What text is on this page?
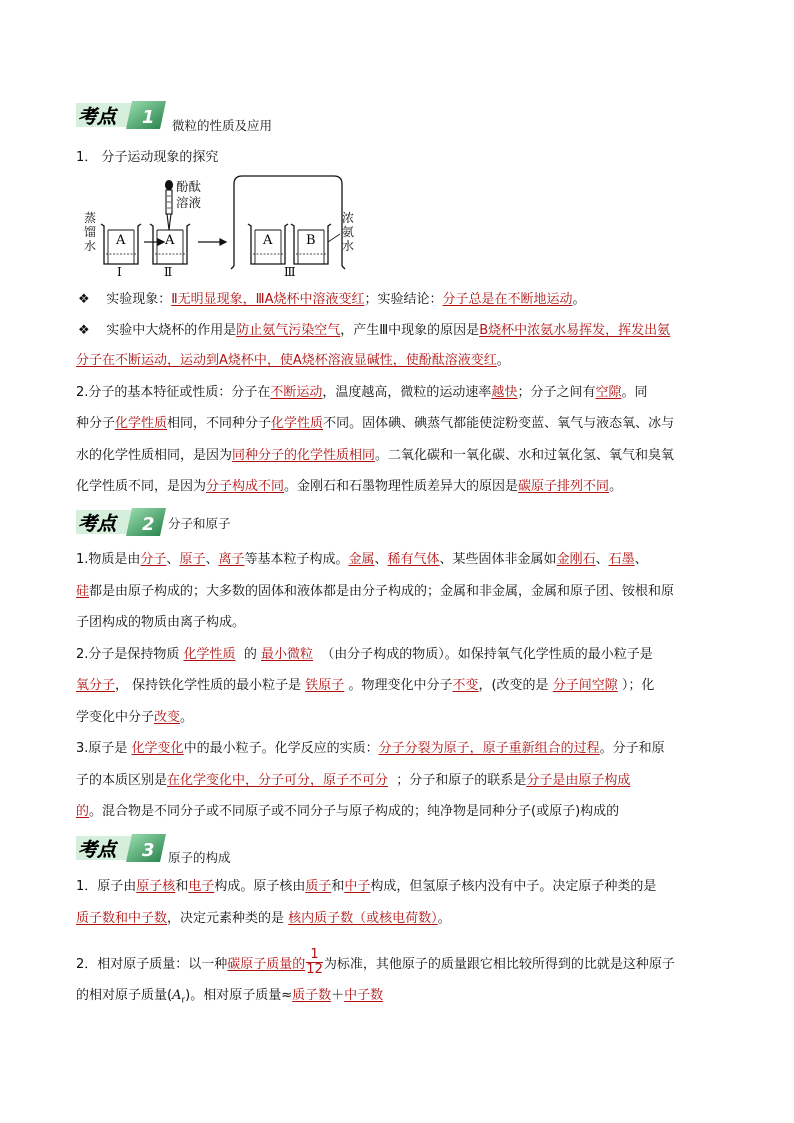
考点 1 微粒的性质及应用
1． 分子运动现象的探究
蒸
馏
水 A
Ⅰ
酚酞
溶液
A
Ⅱ
A	B
浓
氨
水
Ⅲ
❖ 实验现象：Ⅱ无明显现象，ⅢA烧杯中溶液变红；实验结论：分子总是在不断地运动。
❖ 实验中大烧杯的作用是防止氨气污染空气，产生Ⅲ中现象的原因是B烧杯中浓氨水易挥发，挥发出氨
分子在不断运动，运动到A烧杯中，使A烧杯溶液显碱性，使酚酞溶液变红。
2.分子的基本特征或性质：分子在不断运动，温度越高，微粒的运动速率越快；分子之间有空隙。同
种分子化学性质相同，不同种分子化学性质不同。固体碘、碘蒸气都能使淀粉变蓝、氧气与液态氧、冰与
水的化学性质相同，是因为同种分子的化学性质相同。二氧化碳和一氧化碳、水和过氧化氢、氧气和臭氧
化学性质不同，是因为分子构成不同。金刚石和石墨物理性质差异大的原因是碳原子排列不同。
考点 2 分子和原子
1.物质是由分子、原子、离子等基本粒子构成。金属、稀有气体、某些固体非金属如金刚石、石墨、
硅都是由原子构成的；大多数的固体和液体都是由分子构成的；金属和非金属，金属和原子团、铵根和原
子团构成的物质由离子构成。
2.分子是保持物质 化学性质 的 最小微粒 （由分子构成的物质）。如保持氧气化学性质的最小粒子是
氧分子， 保持铁化学性质的最小粒子是 铁原子 。物理变化中分子不变，(改变的是 分子间空隙 ）；化
学变化中分子改变。
3.原子是 化学变化中的最小粒子。化学反应的实质：分子分裂为原子，原子重新组合的过程。分子和原
子的本质区别是在化学变化中，分子可分，原子不可分 ；分子和原子的联系是分子是由原子构成
的。混合物是不同分子或不同原子或不同分子与原子构成的；纯净物是同种分子(或原子)构成的
考点 3 原子的构成
1．原子由原子核和电子构成。原子核由质子和中子构成，但氢原子核内没有中子。决定原子种类的是
质子数和中子数，决定元素种类的是 核内质子数（或核电荷数）。
2．相对原子质量：以一种碳原子质量的 $\frac{1}{12}$ 为标准，其他原子的质量跟它相比较所得到的比就是这种原子
的相对原子质量$(A_r)$。相对原子质量≈质子数＋中子数
